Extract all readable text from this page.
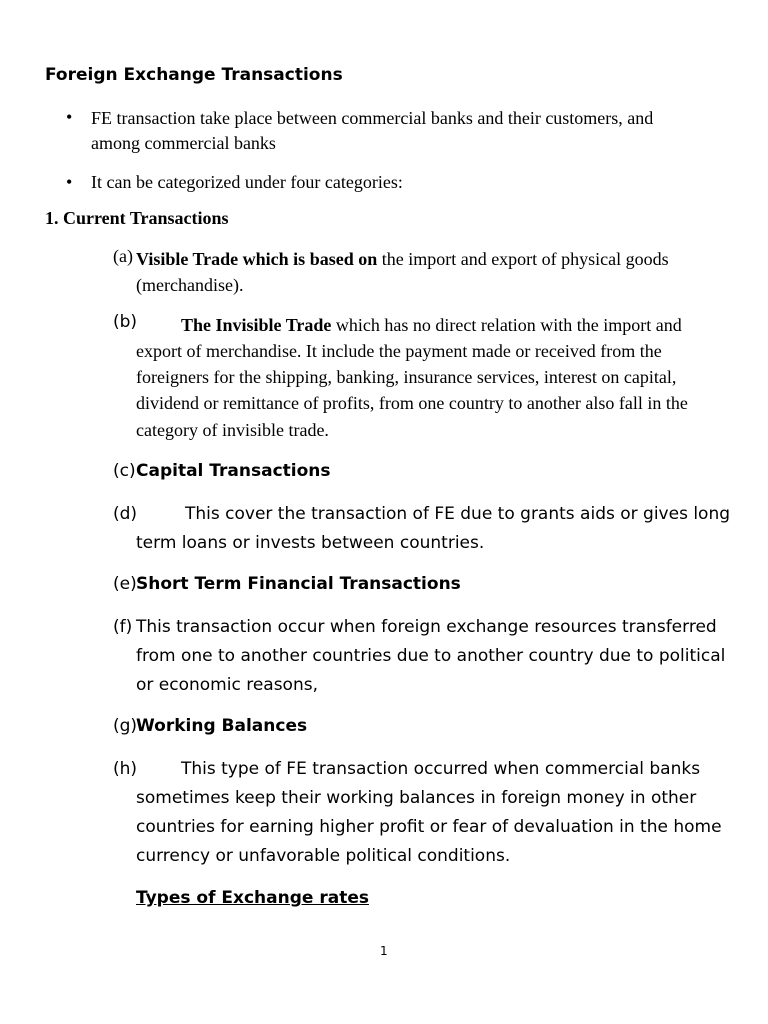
Foreign Exchange Transactions
• FE transaction take place between commercial banks and their customers, and
among commercial banks
• It can be categorized under four categories:
1. Current Transactions
(a) Visible Trade which is based on the import and export of physical goods
(merchandise).
(b) The Invisible Trade which has no direct relation with the import and
export of merchandise. It include the payment made or received from the
foreigners for the shipping, banking, insurance services, interest on capital,
dividend or remittance of profits, from one country to another also fall in the
category of invisible trade.
(c) Capital Transactions
(d)	This cover the transaction of FE due to grants aids or gives long
term loans or invests between countries.
(e) Short Term Financial Transactions
(f) This transaction occur when foreign exchange resources transferred
from one to another countries due to another country due to political
or economic reasons,
(g)
Working Balances
(h)	This type of FE transaction occurred when commercial banks
sometimes keep their working balances in foreign money in other
countries for earning higher profit or fear of devaluation in the home
currency or unfavorable political conditions.
Types of Exchange rates
1
